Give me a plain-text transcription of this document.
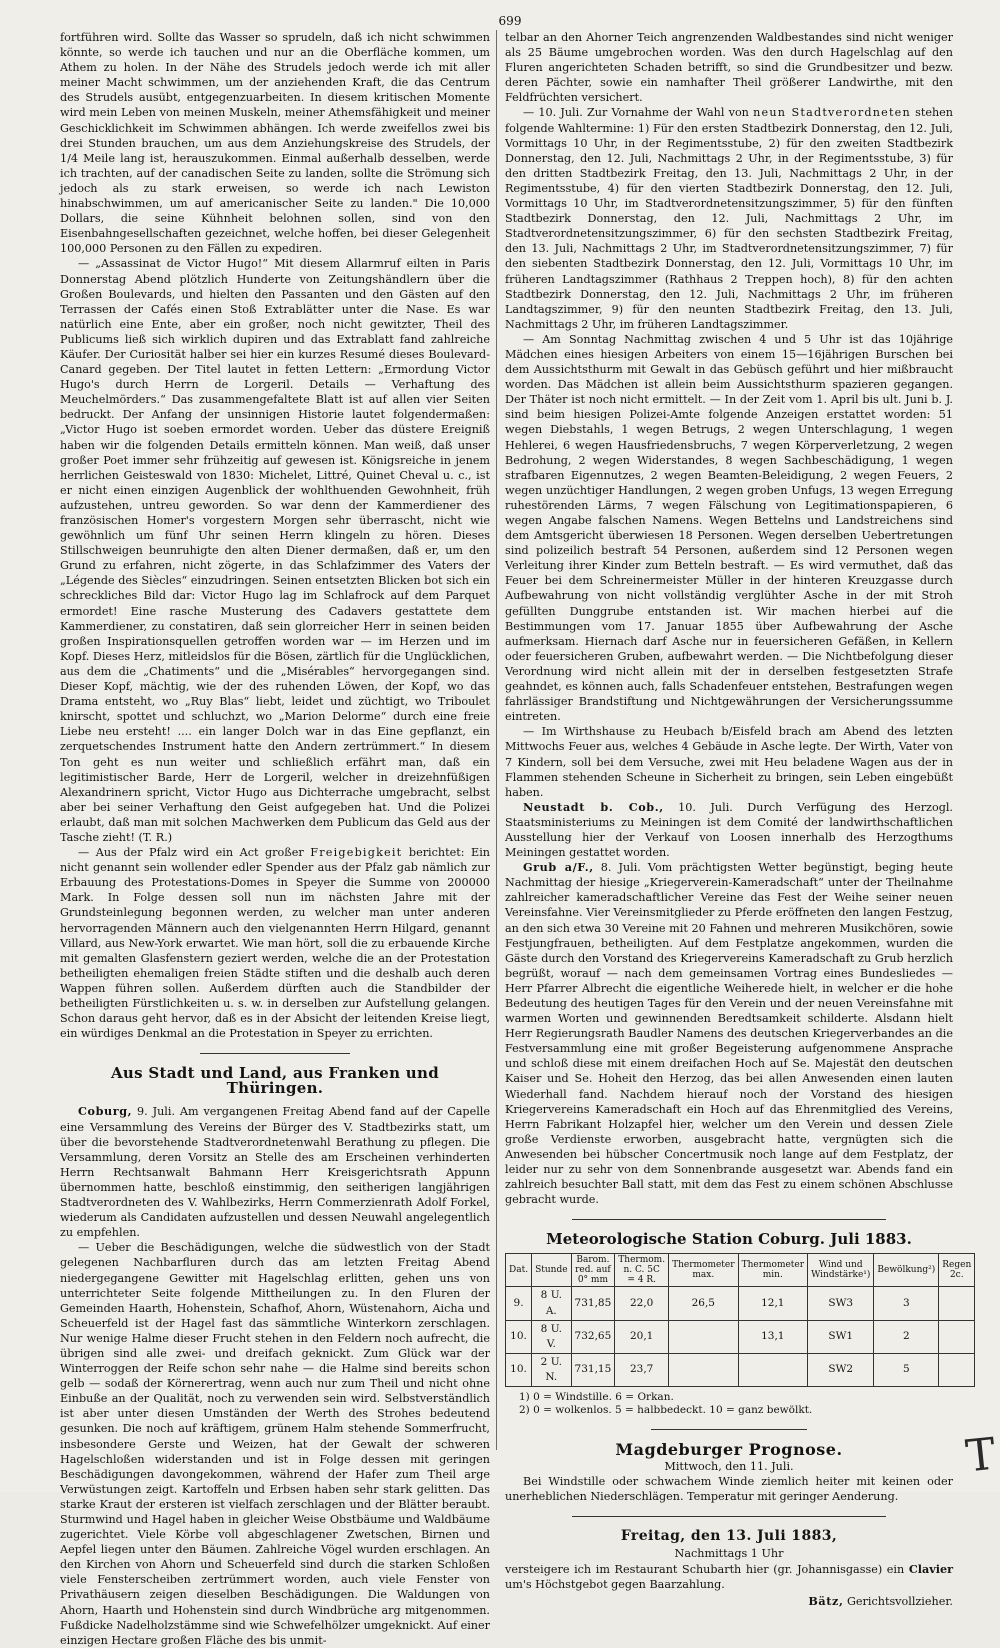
699

fortführen wird. Sollte das Wasser so sprudeln, daß ich nicht schwimmen könnte, so werde ich tauchen und nur an die Oberfläche kommen, um Athem zu holen. In der Nähe des Strudels jedoch werde ich mit aller meiner Macht schwimmen, um der anziehenden Kraft, die das Centrum des Strudels ausübt, entgegenzuarbeiten. In diesem kritischen Momente wird mein Leben von meinen Muskeln, meiner Athemsfähigkeit und meiner Geschicklichkeit im Schwimmen abhängen. Ich werde zweifellos zwei bis drei Stunden brauchen, um aus dem Anziehungskreise des Strudels, der 1/4 Meile lang ist, herauszukommen. Einmal außerhalb desselben, werde ich trachten, auf der canadischen Seite zu landen, sollte die Strömung sich jedoch als zu stark erweisen, so werde ich nach Lewiston hinabschwimmen, um auf americanischer Seite zu landen." Die 10,000 Dollars, die seine Kühnheit belohnen sollen, sind von den Eisenbahngesellschaften gezeichnet, welche hoffen, bei dieser Gelegenheit 100,000 Personen zu den Fällen zu expediren.

— „Assassinat de Victor Hugo!“ Mit diesem Allarmruf eilten in Paris Donnerstag Abend plötzlich Hunderte von Zeitungshändlern über die Großen Boulevards, und hielten den Passanten und den Gästen auf den Terrassen der Cafés einen Stoß Extrablätter unter die Nase. Es war natürlich eine Ente, aber ein großer, noch nicht gewitzter, Theil des Publicums ließ sich wirklich dupiren und das Extrablatt fand zahlreiche Käufer. Der Curiosität halber sei hier ein kurzes Resumé dieses Boulevard-Canard gegeben. Der Titel lautet in fetten Lettern: „Ermordung Victor Hugo's durch Herrn de Lorgeril. Details — Verhaftung des Meuchelmörders.“ Das zusammengefaltete Blatt ist auf allen vier Seiten bedruckt. Der Anfang der unsinnigen Historie lautet folgendermaßen: „Victor Hugo ist soeben ermordet worden. Ueber das düstere Ereigniß haben wir die folgenden Details ermitteln können. Man weiß, daß unser großer Poet immer sehr frühzeitig auf gewesen ist. Königsreiche in jenem herrlichen Geisteswald von 1830: Michelet, Littré, Quinet Cheval u. c., ist er nicht einen einzigen Augenblick der wohlthuenden Gewohnheit, früh aufzustehen, untreu geworden. So war denn der Kammerdiener des französischen Homer's vorgestern Morgen sehr überrascht, nicht wie gewöhnlich um fünf Uhr seinen Herrn klingeln zu hören. Dieses Stillschweigen beunruhigte den alten Diener dermaßen, daß er, um den Grund zu erfahren, nicht zögerte, in das Schlafzimmer des Vaters der „Légende des Siècles“ einzudringen. Seinen entsetzten Blicken bot sich ein schreckliches Bild dar: Victor Hugo lag im Schlafrock auf dem Parquet ermordet! Eine rasche Musterung des Cadavers gestattete dem Kammerdiener, zu constatiren, daß sein glorreicher Herr in seinen beiden großen Inspirationsquellen getroffen worden war — im Herzen und im Kopf. Dieses Herz, mitleidslos für die Bösen, zärtlich für die Unglücklichen, aus dem die „Chatiments“ und die „Misérables“ hervorgegangen sind. Dieser Kopf, mächtig, wie der des ruhenden Löwen, der Kopf, wo das Drama entsteht, wo „Ruy Blas“ liebt, leidet und züchtigt, wo Triboulet knirscht, spottet und schluchzt, wo „Marion Delorme“ durch eine freie Liebe neu ersteht! .... ein langer Dolch war in das Eine gepflanzt, ein zerquetschendes Instrument hatte den Andern zertrümmert.“ In diesem Ton geht es nun weiter und schließlich erfährt man, daß ein legitimistischer Barde, Herr de Lorgeril, welcher in dreizehnfüßigen Alexandrinern spricht, Victor Hugo aus Dichterrache umgebracht, selbst aber bei seiner Verhaftung den Geist aufgegeben hat. Und die Polizei erlaubt, daß man mit solchen Machwerken dem Publicum das Geld aus der Tasche zieht! (T. R.)

— Aus der Pfalz wird ein Act großer Freigebigkeit berichtet: Ein nicht genannt sein wollender edler Spender aus der Pfalz gab nämlich zur Erbauung des Protestations-Domes in Speyer die Summe von 200000 Mark. In Folge dessen soll nun im nächsten Jahre mit der Grundsteinlegung begonnen werden, zu welcher man unter anderen hervorragenden Männern auch den vielgenannten Herrn Hilgard, genannt Villard, aus New-York erwartet. Wie man hört, soll die zu erbauende Kirche mit gemalten Glasfenstern geziert werden, welche die an der Protestation betheiligten ehemaligen freien Städte stiften und die deshalb auch deren Wappen führen sollen. Außerdem dürften auch die Standbilder der betheiligten Fürstlichkeiten u. s. w. in derselben zur Aufstellung gelangen. Schon daraus geht hervor, daß es in der Absicht der leitenden Kreise liegt, ein würdiges Denkmal an die Protestation in Speyer zu errichten.

Aus Stadt und Land, aus Franken und Thüringen.

Coburg, 9. Juli. Am vergangenen Freitag Abend fand auf der Capelle eine Versammlung des Vereins der Bürger des V. Stadtbezirks statt, um über die bevorstehende Stadtverordnetenwahl Berathung zu pflegen. Die Versammlung, deren Vorsitz an Stelle des am Erscheinen verhinderten Herrn Rechtsanwalt Bahmann Herr Kreisgerichtsrath Appunn übernommen hatte, beschloß einstimmig, den seitherigen langjährigen Stadtverordneten des V. Wahlbezirks, Herrn Commerzienrath Adolf Forkel, wiederum als Candidaten aufzustellen und dessen Neuwahl angelegentlich zu empfehlen.

— Ueber die Beschädigungen, welche die südwestlich von der Stadt gelegenen Nachbarfluren durch das am letzten Freitag Abend niedergegangene Gewitter mit Hagelschlag erlitten, gehen uns von unterrichteter Seite folgende Mittheilungen zu. In den Fluren der Gemeinden Haarth, Hohenstein, Schafhof, Ahorn, Wüstenahorn, Aicha und Scheuerfeld ist der Hagel fast das sämmtliche Winterkorn zerschlagen. Nur wenige Halme dieser Frucht stehen in den Feldern noch aufrecht, die übrigen sind alle zwei- und dreifach geknickt. Zum Glück war der Winterroggen der Reife schon sehr nahe — die Halme sind bereits schon gelb — sodaß der Körnerertrag, wenn auch nur zum Theil und nicht ohne Einbuße an der Qualität, noch zu verwenden sein wird. Selbstverständlich ist aber unter diesen Umständen der Werth des Strohes bedeutend gesunken. Die noch auf kräftigem, grünem Halm stehende Sommerfrucht, insbesondere Gerste und Weizen, hat der Gewalt der schweren Hagelschloßen widerstanden und ist in Folge dessen mit geringen Beschädigungen davongekommen, während der Hafer zum Theil arge Verwüstungen zeigt. Kartoffeln und Erbsen haben sehr stark gelitten. Das starke Kraut der ersteren ist vielfach zerschlagen und der Blätter beraubt. Sturmwind und Hagel haben in gleicher Weise Obstbäume und Waldbäume zugerichtet. Viele Körbe voll abgeschlagener Zwetschen, Birnen und Aepfel liegen unter den Bäumen. Zahlreiche Vögel wurden erschlagen. An den Kirchen von Ahorn und Scheuerfeld sind durch die starken Schloßen viele Fensterscheiben zertrümmert worden, auch viele Fenster von Privathäusern zeigen dieselben Beschädigungen. Die Waldungen von Ahorn, Haarth und Hohenstein sind durch Windbrüche arg mitgenommen. Fußdicke Nadelholzstämme sind wie Schwefelhölzer umgeknickt. Auf einer einzigen Hectare großen Fläche des bis unmit-

telbar an den Ahorner Teich angrenzenden Waldbestandes sind nicht weniger als 25 Bäume umgebrochen worden. Was den durch Hagelschlag auf den Fluren angerichteten Schaden betrifft, so sind die Grundbesitzer und bezw. deren Pächter, sowie ein namhafter Theil größerer Landwirthe, mit den Feldfrüchten versichert.

— 10. Juli. Zur Vornahme der Wahl von neun Stadtverordneten stehen folgende Wahltermine: 1) Für den ersten Stadtbezirk Donnerstag, den 12. Juli, Vormittags 10 Uhr, in der Regimentsstube, 2) für den zweiten Stadtbezirk Donnerstag, den 12. Juli, Nachmittags 2 Uhr, in der Regimentsstube, 3) für den dritten Stadtbezirk Freitag, den 13. Juli, Nachmittags 2 Uhr, in der Regimentsstube, 4) für den vierten Stadtbezirk Donnerstag, den 12. Juli, Vormittags 10 Uhr, im Stadtverordnetensitzungszimmer, 5) für den fünften Stadtbezirk Donnerstag, den 12. Juli, Nachmittags 2 Uhr, im Stadtverordnetensitzungszimmer, 6) für den sechsten Stadtbezirk Freitag, den 13. Juli, Nachmittags 2 Uhr, im Stadtverordnetensitzungszimmer, 7) für den siebenten Stadtbezirk Donnerstag, den 12. Juli, Vormittags 10 Uhr, im früheren Landtagszimmer (Rathhaus 2 Treppen hoch), 8) für den achten Stadtbezirk Donnerstag, den 12. Juli, Nachmittags 2 Uhr, im früheren Landtagszimmer, 9) für den neunten Stadtbezirk Freitag, den 13. Juli, Nachmittags 2 Uhr, im früheren Landtagszimmer.

— Am Sonntag Nachmittag zwischen 4 und 5 Uhr ist das 10jährige Mädchen eines hiesigen Arbeiters von einem 15—16jährigen Burschen bei dem Aussichtsthurm mit Gewalt in das Gebüsch geführt und hier mißbraucht worden. Das Mädchen ist allein beim Aussichtsthurm spazieren gegangen. Der Thäter ist noch nicht ermittelt. — In der Zeit vom 1. April bis ult. Juni b. J. sind beim hiesigen Polizei-Amte folgende Anzeigen erstattet worden: 51 wegen Diebstahls, 1 wegen Betrugs, 2 wegen Unterschlagung, 1 wegen Hehlerei, 6 wegen Hausfriedensbruchs, 7 wegen Körperverletzung, 2 wegen Bedrohung, 2 wegen Widerstandes, 8 wegen Sachbeschädigung, 1 wegen strafbaren Eigennutzes, 2 wegen Beamten-Beleidigung, 2 wegen Feuers, 2 wegen unzüchtiger Handlungen, 2 wegen groben Unfugs, 13 wegen Erregung ruhestörenden Lärms, 7 wegen Fälschung von Legitimationspapieren, 6 wegen Angabe falschen Namens. Wegen Bettelns und Landstreichens sind dem Amtsgericht überwiesen 18 Personen. Wegen derselben Uebertretungen sind polizeilich bestraft 54 Personen, außerdem sind 12 Personen wegen Verleitung ihrer Kinder zum Betteln bestraft. — Es wird vermuthet, daß das Feuer bei dem Schreinermeister Müller in der hinteren Kreuzgasse durch Aufbewahrung von nicht vollständig verglühter Asche in der mit Stroh gefüllten Dunggrube entstanden ist. Wir machen hierbei auf die Bestimmungen vom 17. Januar 1855 über Aufbewahrung der Asche aufmerksam. Hiernach darf Asche nur in feuersicheren Gefäßen, in Kellern oder feuersicheren Gruben, aufbewahrt werden. — Die Nichtbefolgung dieser Verordnung wird nicht allein mit der in derselben festgesetzten Strafe geahndet, es können auch, falls Schadenfeuer entstehen, Bestrafungen wegen fahrlässiger Brandstiftung und Nichtgewährungen der Versicherungssumme eintreten.

— Im Wirthshause zu Heubach b/Eisfeld brach am Abend des letzten Mittwochs Feuer aus, welches 4 Gebäude in Asche legte. Der Wirth, Vater von 7 Kindern, soll bei dem Versuche, zwei mit Heu beladene Wagen aus der in Flammen stehenden Scheune in Sicherheit zu bringen, sein Leben eingebüßt haben.

Neustadt b. Cob., 10. Juli. Durch Verfügung des Herzogl. Staatsministeriums zu Meiningen ist dem Comité der landwirthschaftlichen Ausstellung hier der Verkauf von Loosen innerhalb des Herzogthums Meiningen gestattet worden.

Grub a/F., 8. Juli. Vom prächtigsten Wetter begünstigt, beging heute Nachmittag der hiesige „Kriegerverein-Kameradschaft“ unter der Theilnahme zahlreicher kameradschaftlicher Vereine das Fest der Weihe seiner neuen Vereinsfahne. Vier Vereinsmitglieder zu Pferde eröffneten den langen Festzug, an den sich etwa 30 Vereine mit 20 Fahnen und mehreren Musikchören, sowie Festjungfrauen, betheiligten. Auf dem Festplatze angekommen, wurden die Gäste durch den Vorstand des Kriegervereins Kameradschaft zu Grub herzlich begrüßt, worauf — nach dem gemeinsamen Vortrag eines Bundesliedes — Herr Pfarrer Albrecht die eigentliche Weiherede hielt, in welcher er die hohe Bedeutung des heutigen Tages für den Verein und der neuen Vereinsfahne mit warmen Worten und gewinnenden Beredtsamkeit schilderte. Alsdann hielt Herr Regierungsrath Baudler Namens des deutschen Kriegerverbandes an die Festversammlung eine mit großer Begeisterung aufgenommene Ansprache und schloß diese mit einem dreifachen Hoch auf Se. Majestät den deutschen Kaiser und Se. Hoheit den Herzog, das bei allen Anwesenden einen lauten Wiederhall fand. Nachdem hierauf noch der Vorstand des hiesigen Kriegervereins Kameradschaft ein Hoch auf das Ehrenmitglied des Vereins, Herrn Fabrikant Holzapfel hier, welcher um den Verein und dessen Ziele große Verdienste erworben, ausgebracht hatte, vergnügten sich die Anwesenden bei hübscher Concertmusik noch lange auf dem Festplatz, der leider nur zu sehr von dem Sonnenbrande ausgesetzt war. Abends fand ein zahlreich besuchter Ball statt, mit dem das Fest zu einem schönen Abschlusse gebracht wurde.

Meteorologische Station Coburg. Juli 1883.
Dat.	Stunde	Barom. red. auf 0° mm	Thermom. n. C. 5C = 4 R.	Thermometer max.	Thermometer min.	Wind und Windstärke¹)	Bewölkung²)	Regen 2c.
9.	8 U. A.	731,85	22,0	26,5	12,1	SW3	3	
10.	8 U. V.	732,65	20,1		13,1	SW1	2	
10.	2 U. N.	731,15	23,7			SW2	5	
1) 0 = Windstille. 6 = Orkan.
2) 0 = wolkenlos. 5 = halbbedeckt. 10 = ganz bewölkt.
Magdeburger Prognose.
Mittwoch, den 11. Juli.

Bei Windstille oder schwachem Winde ziemlich heiter mit keinen oder unerheblichen Niederschlägen. Temperatur mit geringer Aenderung.

Freitag, den 13. Juli 1883,
Nachmittags 1 Uhr

versteigere ich im Restaurant Schubarth hier (gr. Johannisgasse) ein Clavier um's Höchstgebot gegen Baarzahlung.

Bätz, Gerichtsvollzieher.
T
